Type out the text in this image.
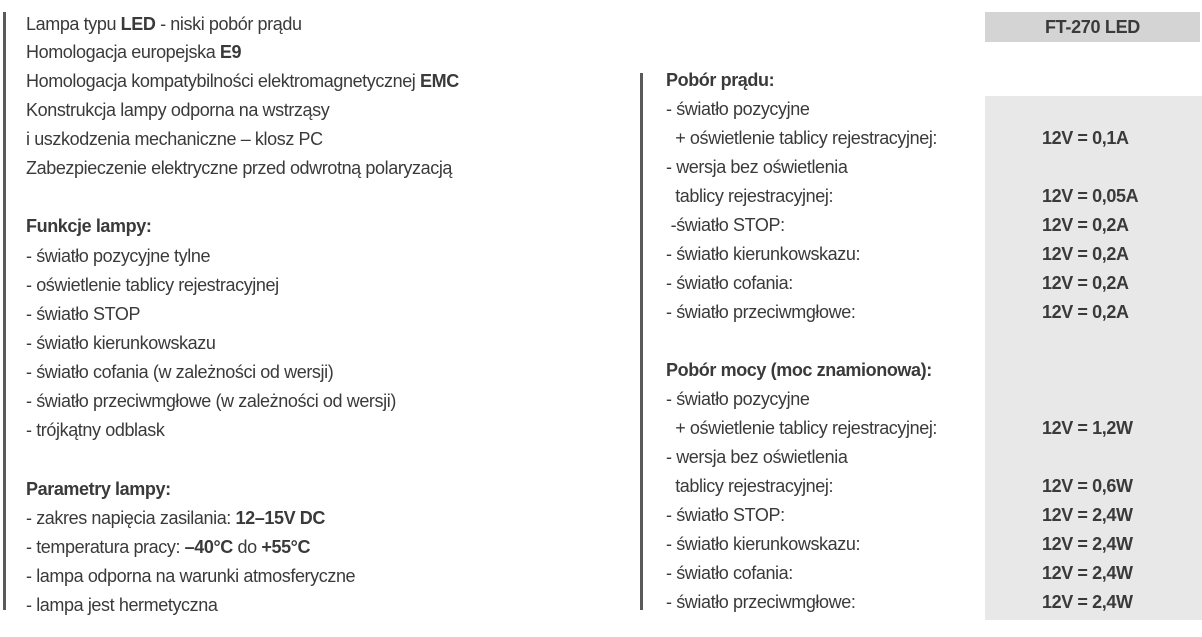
FT-270 LED
Lampa typu LED - niski pobór prądu
Homologacja europejska E9
Homologacja kompatybilności elektromagnetycznej EMC
Konstrukcja lampy odporna na wstrząsy
i uszkodzenia mechaniczne – klosz PC
Zabezpieczenie elektryczne przed odwrotną polaryzacją
Funkcje lampy:
- światło pozycyjne tylne
- oświetlenie tablicy rejestracyjnej
- światło STOP
- światło kierunkowskazu
- światło cofania (w zależności od wersji)
- światło przeciwmgłowe (w zależności od wersji)
- trójkątny odblask
Parametry lampy:
- zakres napięcia zasilania: 12–15V DC
- temperatura pracy: –40°C do +55°C
- lampa odporna na warunki atmosferyczne
- lampa jest hermetyczna
Pobór prądu:
- światło pozycyjne
+ oświetlenie tablicy rejestracyjnej:	12V = 0,1A
- wersja bez oświetlenia
tablicy rejestracyjnej:	12V = 0,05A
-światło STOP:	12V = 0,2A
- światło kierunkowskazu:	12V = 0,2A
- światło cofania:	12V = 0,2A
- światło przeciwmgłowe:	12V = 0,2A
Pobór mocy (moc znamionowa):
- światło pozycyjne
+ oświetlenie tablicy rejestracyjnej:	12V = 1,2W
- wersja bez oświetlenia
tablicy rejestracyjnej:	12V = 0,6W
- światło STOP:	12V = 2,4W
- światło kierunkowskazu:	12V = 2,4W
- światło cofania:	12V = 2,4W
- światło przeciwmgłowe:	12V = 2,4W
